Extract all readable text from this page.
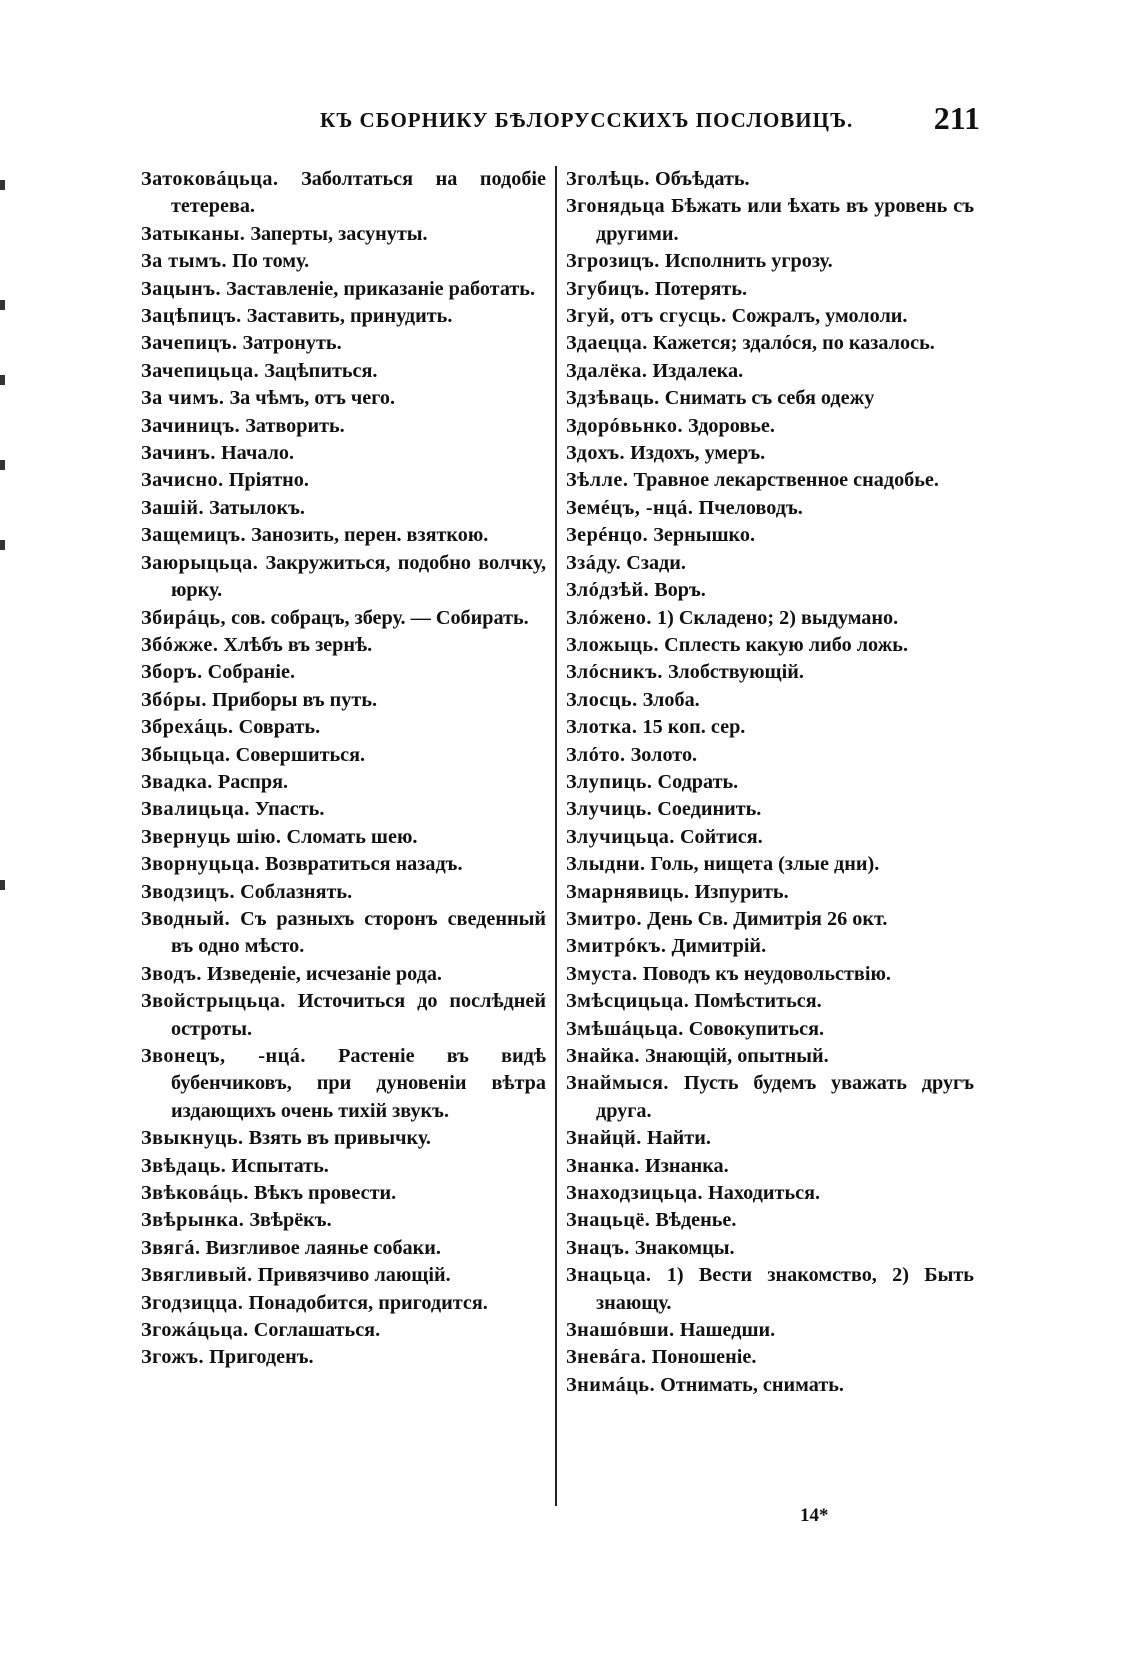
КЪ СБОРНИКУ БѢЛОРУССКИХЪ ПОСЛОВИЦЪ.	211

Затоковáцьца. Заболтаться на подобіе тетерева.

Затыканы. Заперты, засунуты.

За тымъ. По тому.

Зацынъ. Заставленіе, приказаніе работать.

Зацѣпицъ. Заставить, принудить.

Зачепицъ. Затронуть.

Зачепицьца. Зацѣпиться.

За чимъ. За чѣмъ, отъ чего.

Зачиницъ. Затворить.

Зачинъ. Начало.

Зачисно. Пріятно.

Зашій. Затылокъ.

Защемицъ. Занозить, перен. взяткою.

Заюрыцьца. Закружиться, подобно волчку, юрку.

Збирáць, сов. собрацъ, зберу. — Собирать.

Збóжже. Хлѣбъ въ зернѣ.

Зборъ. Собраніе.

Збóры. Приборы въ путь.

Збрехáць. Соврать.

Збыцьца. Совершиться.

Звадка. Распря.

Звалицьца. Упасть.

Звернуць шiю. Сломать шею.

Зворнуцьца. Возвратиться назадъ.

Зводзицъ. Соблазнять.

Зводный. Съ разныхъ сторонъ сведенный въ одно мѣсто.

Зводъ. Изведеніе, исчезаніе рода.

Звойстрыцьца. Источиться до послѣдней остроты.

Звонецъ, -нцá. Растеніе въ видѣ бубенчиковъ, при дуновеніи вѣтра издающихъ очень тихій звукъ.

Звыкнуць. Взять въ привычку.

Звѣдаць. Испытать.

Звѣковáць. Вѣкъ провести.

Звѣрынка. Звѣрёкъ.

Звягá. Визгливое лаянье собаки.

Звягливый. Привязчиво лающій.

Згодзицца. Понадобится, пригодится.

Згожáцьца. Соглашаться.

Згожъ. Пригоденъ.

Зголѣць. Объѣдать.

Згонядьца Бѣжать или ѣхать въ уровень съ другими.

Згрозицъ. Исполнить угрозу.

Згубицъ. Потерять.

Згуй, отъ сгусць. Сожралъ, умололи.

Здаецца. Кажется; здалóся, по казалось.

Здалёка. Издалека.

Здзѣваць. Снимать съ себя одежу

Здорóвьнко. Здоровье.

Здохъ. Издохъ, умеръ.

Зѣлле. Травное лекарственное снадобье.

Земéцъ, -нцá. Пчеловодъ.

Зерéнцо. Зернышко.

Ззáду. Сзади.

Злóдзѣй. Воръ.

Злóжено. 1) Складено; 2) выдумано.

Зложыць. Сплесть какую либо ложь.

Злóсникъ. Злобствующій.

Злосць. Злоба.

Злотка. 15 коп. сер.

Злóто. Золото.

Злупиць. Содрать.

Злучиць. Соединить.

Злучицьца. Сойтися.

Злыдни. Голь, нищета (злые дни).

Змарнявиць. Изпурить.

Змитро. День Св. Димитрія 26 окт.

Змитрóкъ. Димитрій.

Змуста. Поводъ къ неудовольствію.

Змѣсцицьца. Помѣститься.

Змѣшáцьца. Совокупиться.

Знайка. Знающій, опытный.

Знаймыся. Пусть будемъ уважать другъ друга.

Знайцй. Найти.

Знанка. Изнанка.

Знаходзицьца. Находиться.

Знацьцё. Вѣденье.

Знацъ. Знакомцы.

Знацьца. 1) Вести знакомство, 2) Быть знающу.

Знашóвши. Нашедши.

Зневáга. Поношеніе.

Знимáць. Отнимать, снимать.

14*
